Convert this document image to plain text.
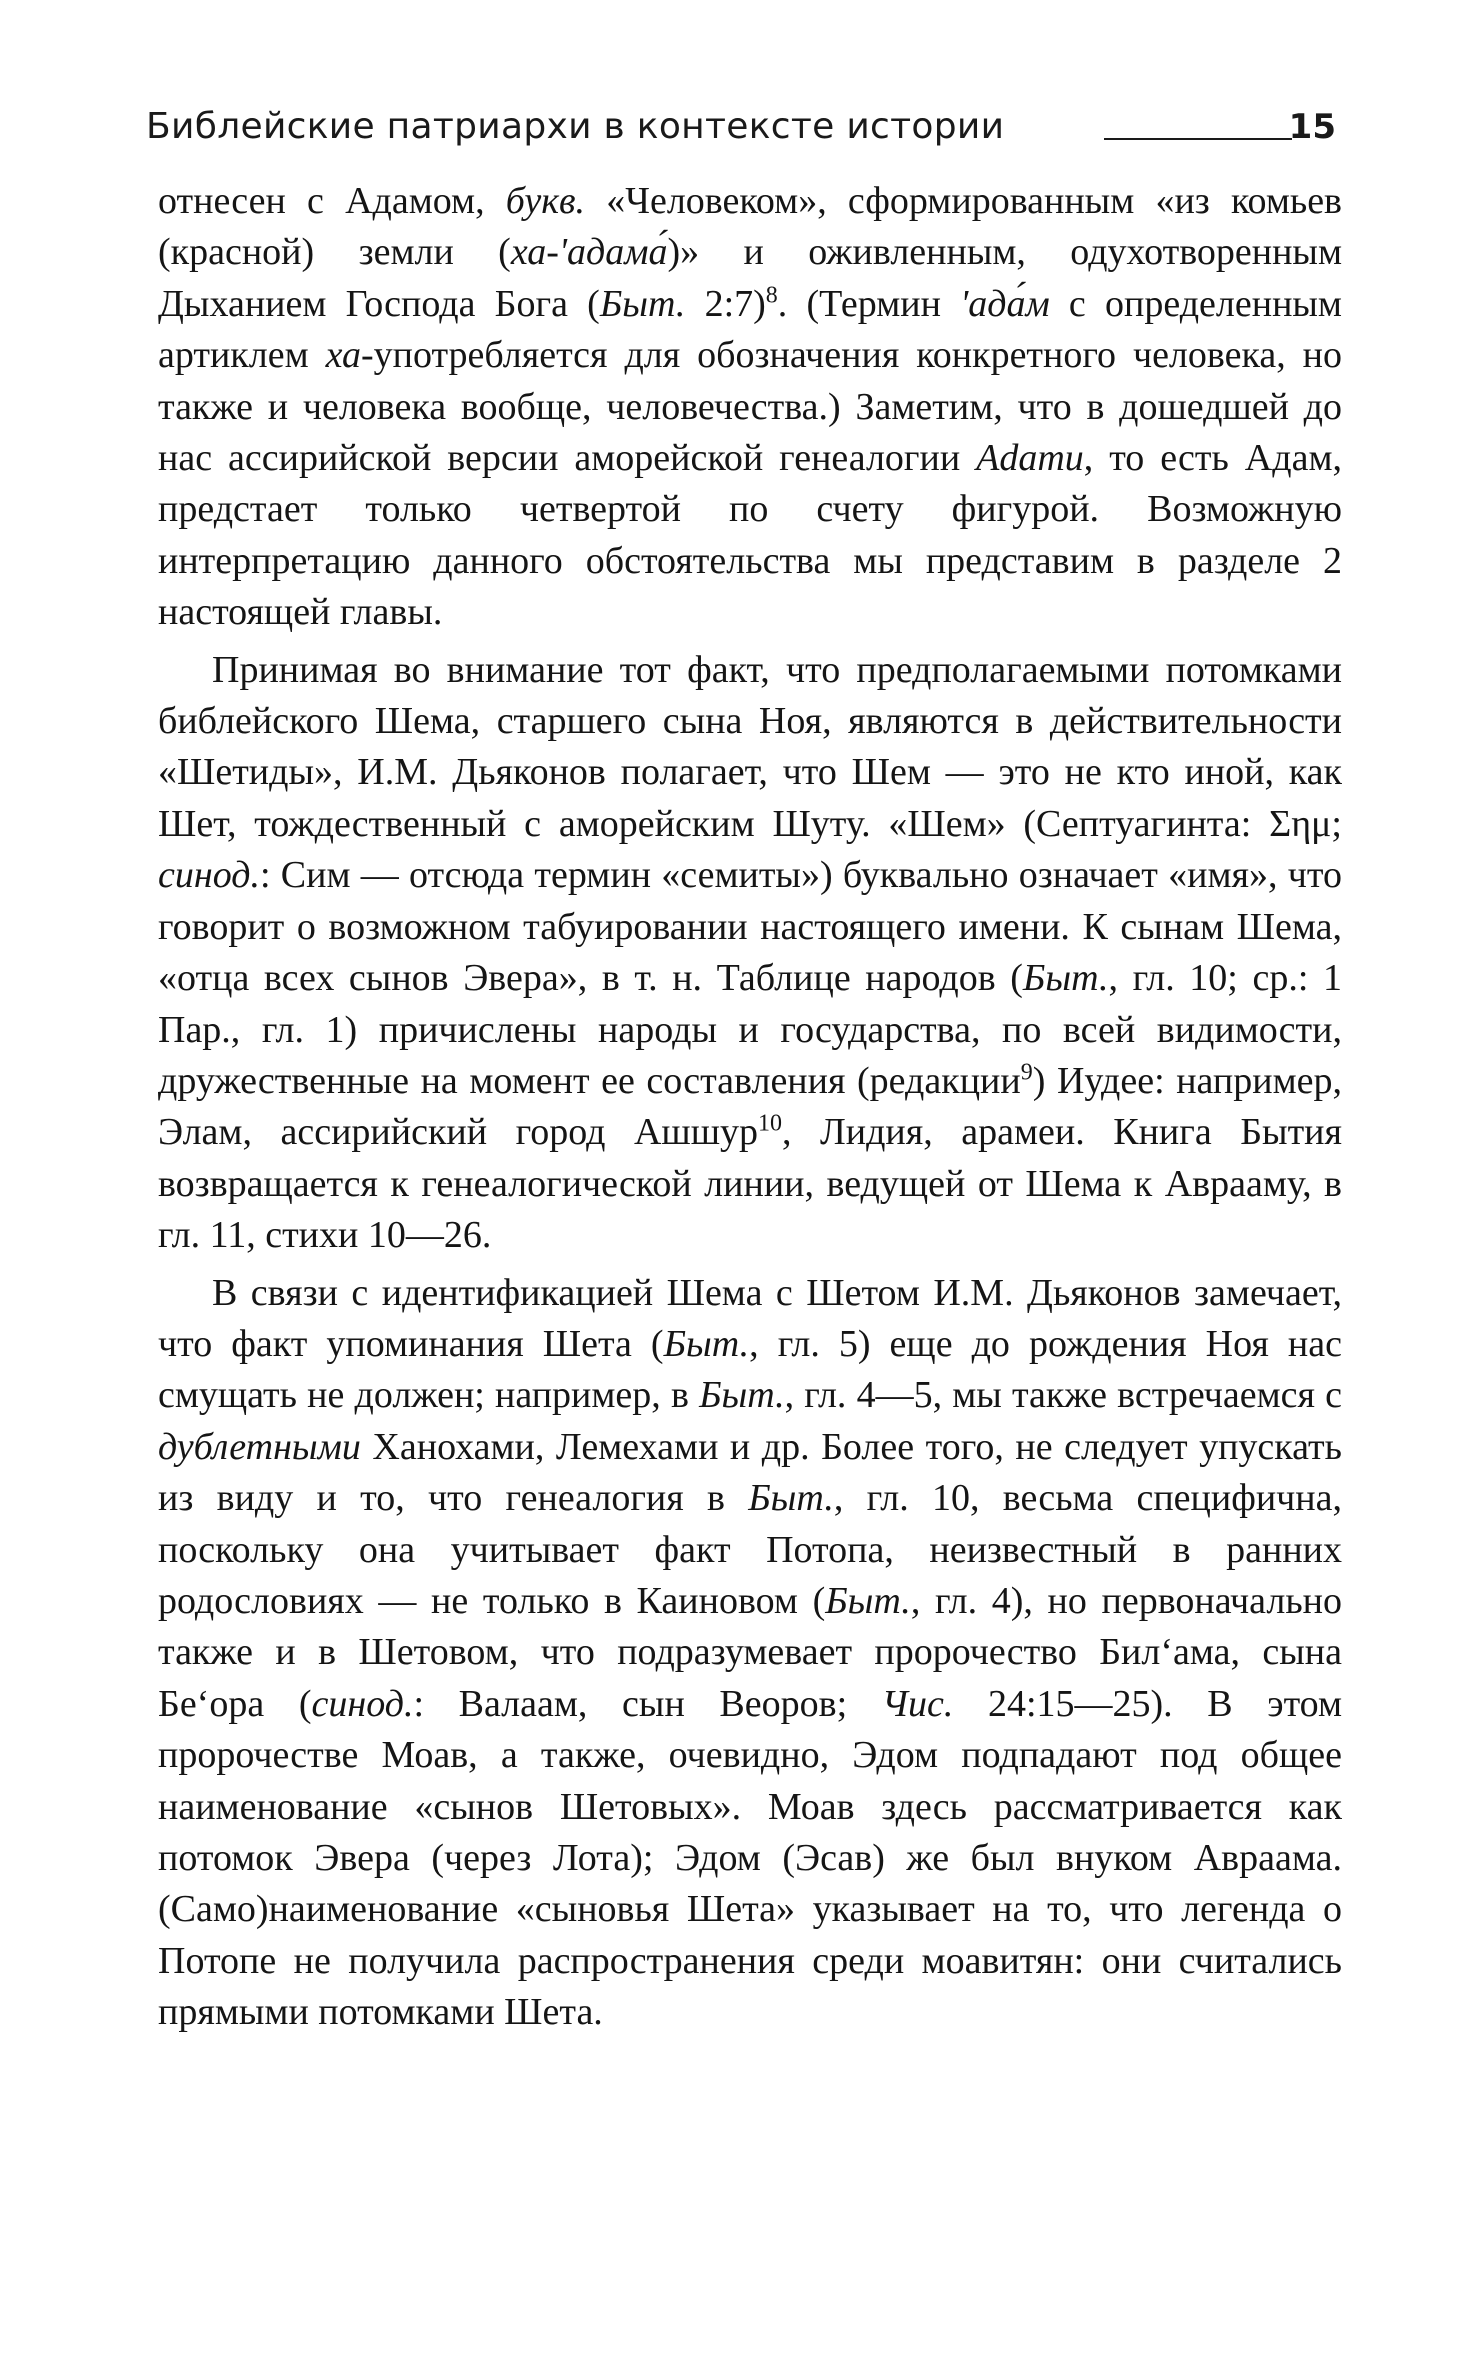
Библейские патриархи в контексте истории	15

отнесен с Адамом, букв. «Человеком», сформированным «из комьев (красной) земли (ха-'адама́)» и оживленным, одухотворенным Дыханием Господа Бога (Быт. 2:7)$^8$. (Термин 'ада́м с определенным артиклем ха-употребляется для обозначения конкретного человека, но также и человека вообще, человечества.) Заметим, что в дошедшей до нас ассирийской версии аморейской генеалогии Adamu, то есть Адам, предстает только четвертой по счету фигурой. Возможную интерпретацию данного обстоятельства мы представим в разделе 2 настоящей главы.

Принимая во внимание тот факт, что предполагаемыми потомками библейского Шема, старшего сына Ноя, являются в действительности «Шетиды», И.М. Дьяконов полагает, что Шем — это не кто иной, как Шет, тождественный с аморейским Шуту. «Шем» (Септуагинта: Σημ; синод.: Сим — отсюда термин «семиты») буквально означает «имя», что говорит о возможном табуировании настоящего имени. К сынам Шема, «отца всех сынов Эвера», в т. н. Таблице народов (Быт., гл. 10; ср.: 1 Пар., гл. 1) причислены народы и государства, по всей видимости, дружественные на момент ее составления (редакции$^9$) Иудее: например, Элам, ассирийский город Ашшур$^{10}$, Лидия, арамеи. Книга Бытия возвращается к генеалогической линии, ведущей от Шема к Аврааму, в гл. 11, стихи 10—26.

В связи с идентификацией Шема с Шетом И.М. Дьяконов замечает, что факт упоминания Шета (Быт., гл. 5) еще до рождения Ноя нас смущать не должен; например, в Быт., гл. 4—5, мы также встречаемся с дублетными Ханохами, Лемехами и др. Более того, не следует упускать из виду и то, что генеалогия в Быт., гл. 10, весьма специфична, поскольку она учитывает факт Потопа, неизвестный в ранних родословиях — не только в Каиновом (Быт., гл. 4), но первоначально также и в Шетовом, что подразумевает пророчество Бил‘ама, сына Бе‘ора (синод.: Валаам, сын Веоров; Чис. 24:15—25). В этом пророчестве Моав, а также, очевидно, Эдом подпадают под общее наименование «сынов Шетовых». Моав здесь рассматривается как потомок Эвера (через Лота); Эдом (Эсав) же был внуком Авраама. (Само)наименование «сыновья Шета» указывает на то, что легенда о Потопе не получила распространения среди моавитян: они считались прямыми потомками Шета.
